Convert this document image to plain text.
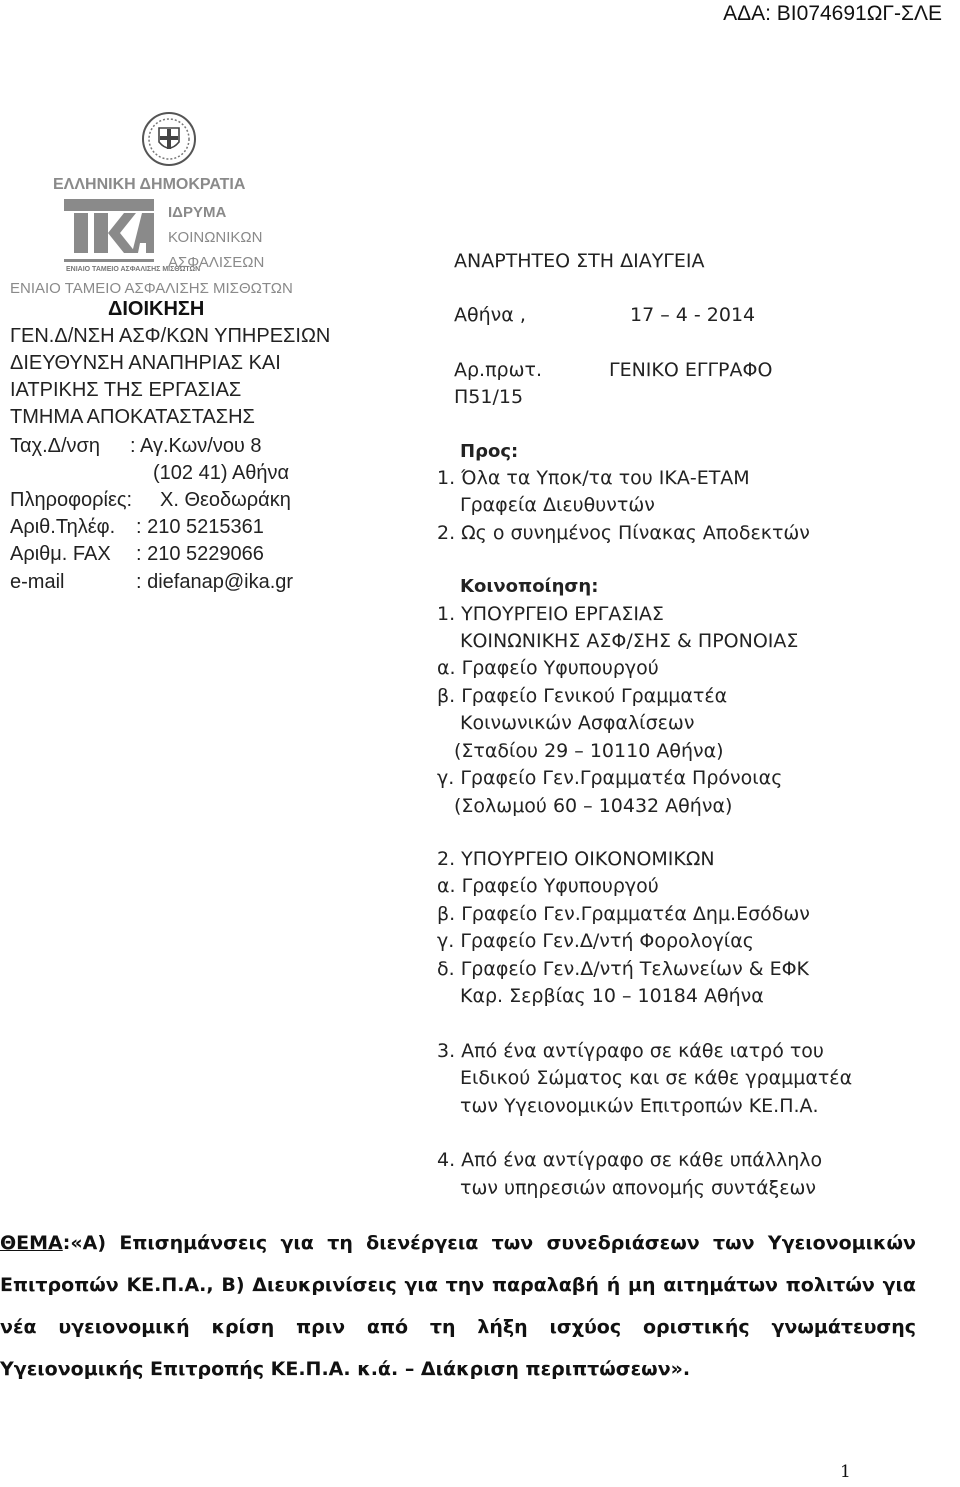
ΑΔΑ: ΒΙ074691ΩΓ-ΣΛΕ
ΕΛΛΗΝΙΚΗ ΔΗΜΟΚΡΑΤΙΑ
ΕΝΙΑΙΟ ΤΑΜΕΙΟ ΑΣΦΑΛΙΣΗΣ ΜΙΣΘΩΤΩΝ
ΙΔΡΥΜΑ
ΚΟΙΝΩΝΙΚΩΝ
ΑΣΦΑΛΙΣΕΩΝ
ΕΝΙΑΙΟ ΤΑΜΕΙΟ ΑΣΦΑΛΙΣΗΣ ΜΙΣΘΩΤΩΝ
ΔΙΟΙΚΗΣΗ
ΓΕΝ.Δ/ΝΣΗ ΑΣΦ/ΚΩΝ ΥΠΗΡΕΣΙΩΝ
ΔΙΕΥΘΥΝΣΗ ΑΝΑΠΗΡΙΑΣ ΚΑΙ
ΙΑΤΡΙΚΗΣ ΤΗΣ ΕΡΓΑΣΙΑΣ
ΤΜΗΜΑ ΑΠΟΚΑΤΑΣΤΑΣΗΣ
Ταχ.Δ/νση : Αγ.Κων/νου 8
(102 41) Αθήνα
Πληροφορίες: Χ. Θεοδωράκη
Αριθ.Τηλέφ. : 210 5215361
Αριθμ. FAX : 210 5229066
e-mail	: diefanap@ika.gr
ΑΝΑΡΤΗΤΕΟ ΣΤΗ ΔΙΑΥΓΕΙΑ
Αθήνα ,	17 – 4 - 2014
Αρ.πρωτ.	ΓΕΝΙΚΟ ΕΓΓΡΑΦΟ
Π51/15
Προς:
1. Όλα τα Υποκ/τα του ΙΚΑ-ΕΤΑΜ
Γραφεία Διευθυντών
2. Ως ο συνημένος Πίνακας Αποδεκτών
Κοινοποίηση:
1. ΥΠΟΥΡΓΕΙΟ ΕΡΓΑΣΙΑΣ
ΚΟΙΝΩΝΙΚΗΣ ΑΣΦ/ΣΗΣ & ΠΡΟΝΟΙΑΣ
α. Γραφείο Υφυπουργού
β. Γραφείο Γενικού Γραμματέα
Κοινωνικών Ασφαλίσεων
(Σταδίου 29 – 10110 Αθήνα)
γ. Γραφείο Γεν.Γραμματέα Πρόνοιας
(Σολωμού 60 – 10432 Αθήνα)
2. ΥΠΟΥΡΓΕΙΟ ΟΙΚΟΝΟΜΙΚΩΝ
α. Γραφείο Υφυπουργού
β. Γραφείο Γεν.Γραμματέα Δημ.Εσόδων
γ. Γραφείο Γεν.Δ/ντή Φορολογίας
δ. Γραφείο Γεν.Δ/ντή Τελωνείων & ΕΦΚ
Καρ. Σερβίας 10 – 10184 Αθήνα
3. Από ένα αντίγραφο σε κάθε ιατρό του
Ειδικού Σώματος και σε κάθε γραμματέα
των Υγειονομικών Επιτροπών ΚΕ.Π.Α.
4. Από ένα αντίγραφο σε κάθε υπάλληλο
των υπηρεσιών απονομής συντάξεων
ΘΕΜΑ:«Α) Επισημάνσεις για τη διενέργεια των συνεδριάσεων των Υγειονομικών Επιτροπών ΚΕ.Π.Α., Β) Διευκρινίσεις για την παραλαβή ή μη αιτημάτων πολιτών για νέα υγειονομική κρίση πριν από τη λήξη ισχύος οριστικής γνωμάτευσης Υγειονομικής Επιτροπής ΚΕ.Π.Α. κ.ά. – Διάκριση περιπτώσεων».
1
